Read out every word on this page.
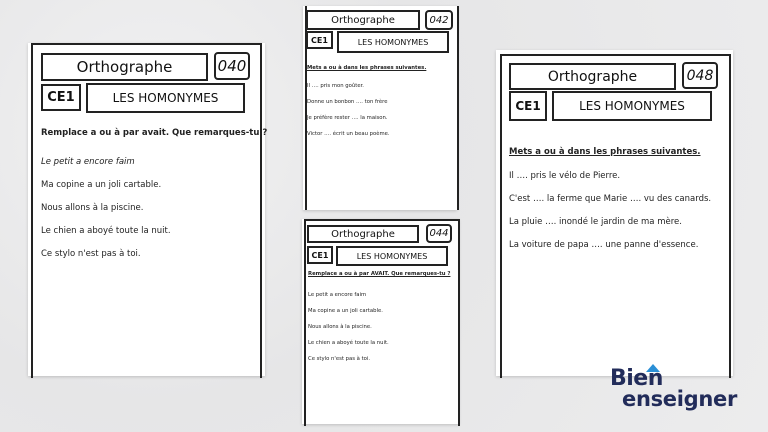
Orthographe	040
CE1	LES HOMONYMES
Remplace a ou à par avait. Que remarques-tu ?
Le petit a encore faim
Ma copine a un joli cartable.
Nous allons à la piscine.
Le chien a aboyé toute la nuit.
Ce stylo n'est pas à toi.
Orthographe	042
CE1	LES HOMONYMES
Mets a ou à dans les phrases suivantes.
Il …. pris mon goûter.
Donne un bonbon …. ton frère
Je préfère rester …. la maison.
Victor …. écrit un beau poème.
Orthographe	044
CE1	LES HOMONYMES
Remplace a ou à par AVAIT. Que remarques-tu ?
Le petit a encore faim
Ma copine a un joli cartable.
Nous allons à la piscine.
Le chien a aboyé toute la nuit.
Ce stylo n'est pas à toi.
Orthographe	048
CE1	LES HOMONYMES
Mets a ou à dans les phrases suivantes.
Il …. pris le vélo de Pierre.
C'est …. la ferme que Marie …. vu des canards.
La pluie …. inondé le jardin de ma mère.
La voiture de papa …. une panne d'essence.
Bien
enseigner
